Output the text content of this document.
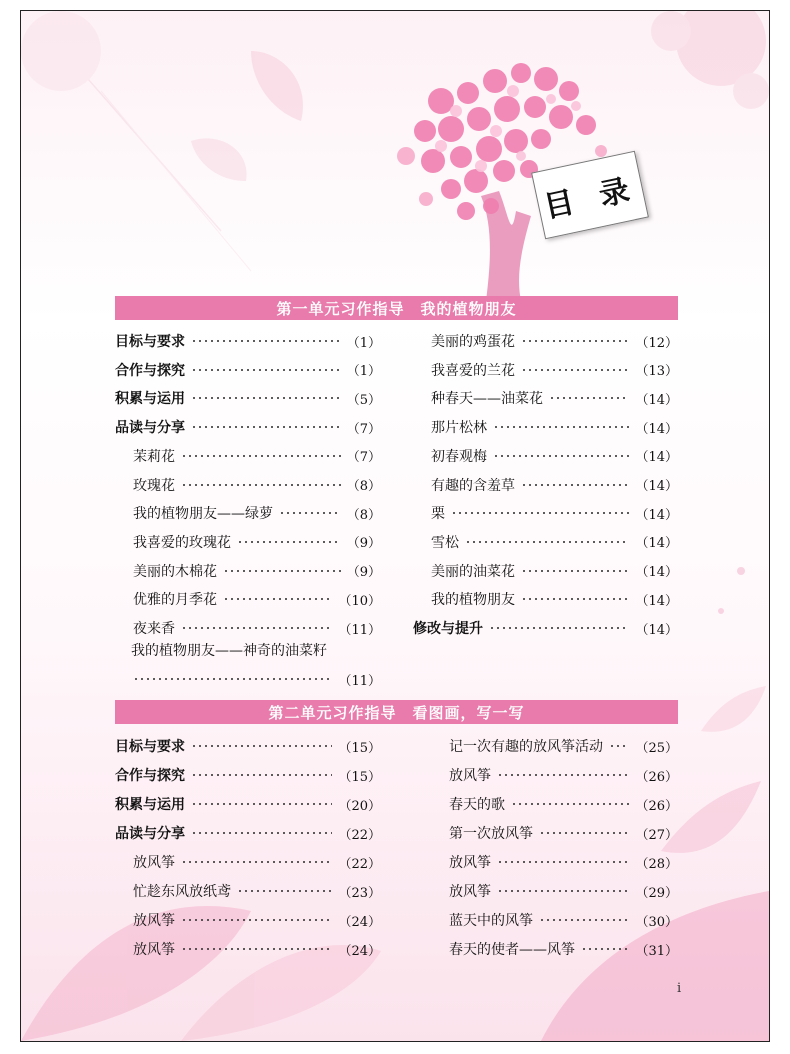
目 录
第一单元习作指导　我的植物朋友
目标与要求	（1）
合作与探究	（1）
积累与运用	（5）
品读与分享	（7）
茉莉花	（7）
玫瑰花	（8）
我的植物朋友——绿萝	（8）
我喜爱的玫瑰花	（9）
美丽的木棉花	（9）
优雅的月季花	（10）
夜来香	（11）
我的植物朋友——神奇的油菜籽
（11）
美丽的鸡蛋花	（12）
我喜爱的兰花	（13）
种春天——油菜花	（14）
那片松林	（14）
初春观梅	（14）
有趣的含羞草	（14）
栗	（14）
雪松	（14）
美丽的油菜花	（14）
我的植物朋友	（14）
修改与提升	（14）
第二单元习作指导　看图画，写一写
目标与要求	（15）
合作与探究	（15）
积累与运用	（20）
品读与分享	（22）
放风筝	（22）
忙趁东风放纸鸢	（23）
放风筝	（24）
放风筝	（24）
记一次有趣的放风筝活动 （25）
放风筝	（26）
春天的歌	（26）
第一次放风筝	（27）
放风筝	（28）
放风筝	（29）
蓝天中的风筝	（30）
春天的使者——风筝	（31）
i
